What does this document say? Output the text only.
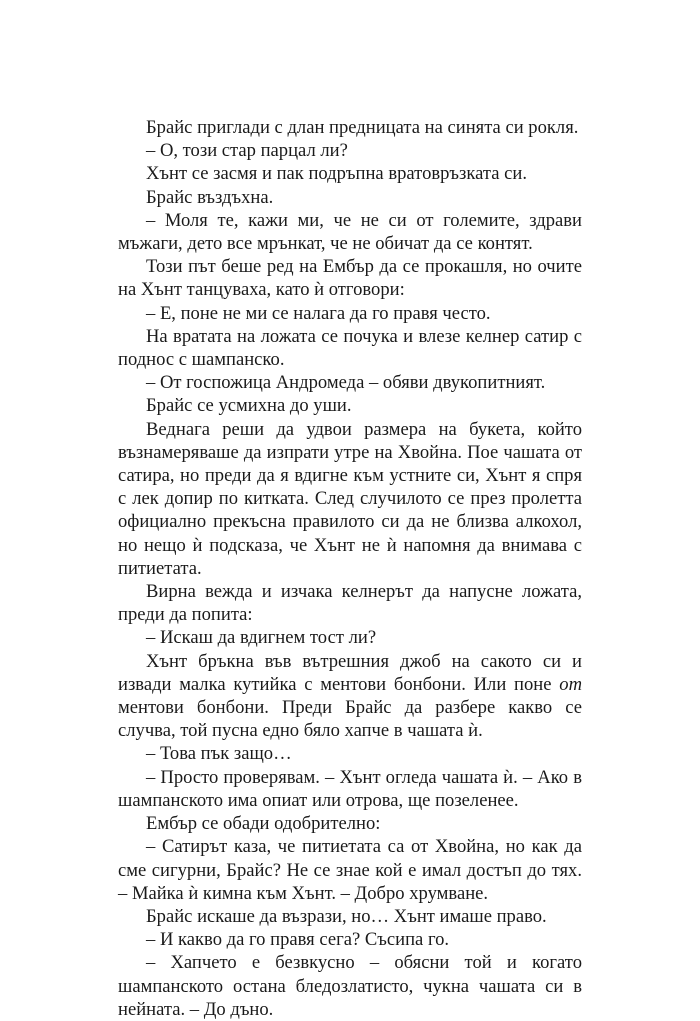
Брайс приглади с длан предницата на синята си рокля.

– О, този стар парцал ли?

Хънт се засмя и пак подръпна вратовръзката си.

Брайс въздъхна.

– Моля те, кажи ми, че не си от големите, здрави мъжаги, дето все мрънкат, че не обичат да се контят.

Този път беше ред на Ембър да се прокашля, но очите на Хънт танцуваха, като ѝ отговори:

– Е, поне не ми се налага да го правя често.

На вратата на ложата се почука и влезе келнер сатир с поднос с шампанско.

– От госпожица Андромеда – обяви двукопитният.

Брайс се усмихна до уши.

Веднага реши да удвои размера на букета, който възнамеряваше да изпрати утре на Хвойна. Пое чашата от сатира, но преди да я вдигне към устните си, Хънт я спря с лек допир по китката. След случилото се през пролетта официално прекъсна правилото си да не близва алкохол, но нещо ѝ подсказа, че Хънт не ѝ напомня да внимава с питиетата.

Вирна вежда и изчака келнерът да напусне ложата, преди да попита:

– Искаш да вдигнем тост ли?

Хънт бръкна във вътрешния джоб на сакото си и извади малка кутийка с ментови бонбони. Или поне от ментови бонбони. Преди Брайс да разбере какво се случва, той пусна едно бяло хапче в чашата ѝ.

– Това пък защо…

– Просто проверявам. – Хънт огледа чашата ѝ. – Ако в шампанското има опиат или отрова, ще позеленее.

Ембър се обади одобрително:

– Сатирът каза, че питиетата са от Хвойна, но как да сме сигурни, Брайс? Не се знае кой е имал достъп до тях. – Майка ѝ кимна към Хънт. – Добро хрумване.

Брайс искаше да възрази, но… Хънт имаше право.

– И какво да го правя сега? Съсипа го.

– Хапчето е безвкусно – обясни той и когато шампанското остана бледозлатисто, чукна чашата си в нейната. – До дъно.
